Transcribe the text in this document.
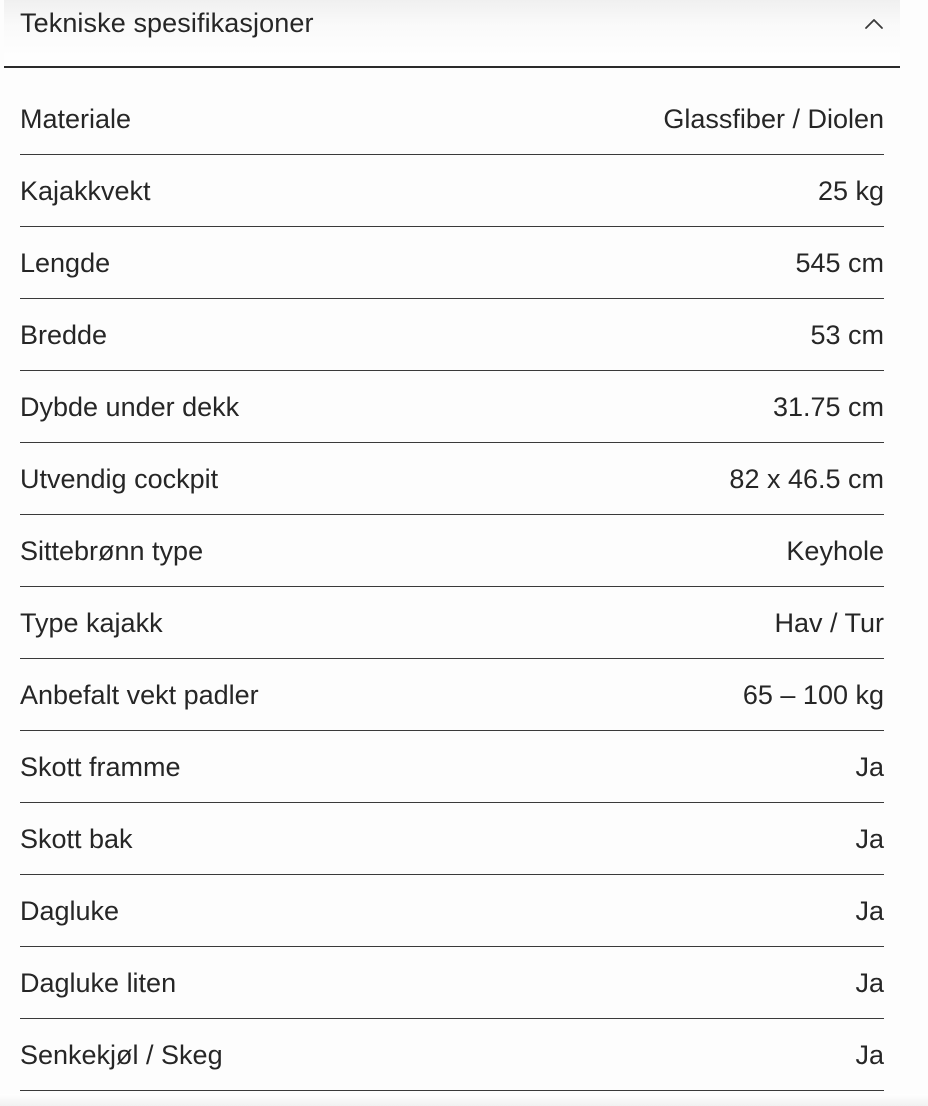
Tekniske spesifikasjoner
Materiale	Glassfiber / Diolen
Kajakkvekt	25 kg
Lengde	545 cm
Bredde	53 cm
Dybde under dekk	31.75 cm
Utvendig cockpit	82 x 46.5 cm
Sittebrønn type	Keyhole
Type kajakk	Hav / Tur
Anbefalt vekt padler	65 – 100 kg
Skott framme	Ja
Skott bak	Ja
Dagluke	Ja
Dagluke liten	Ja
Senkekjøl / Skeg	Ja
